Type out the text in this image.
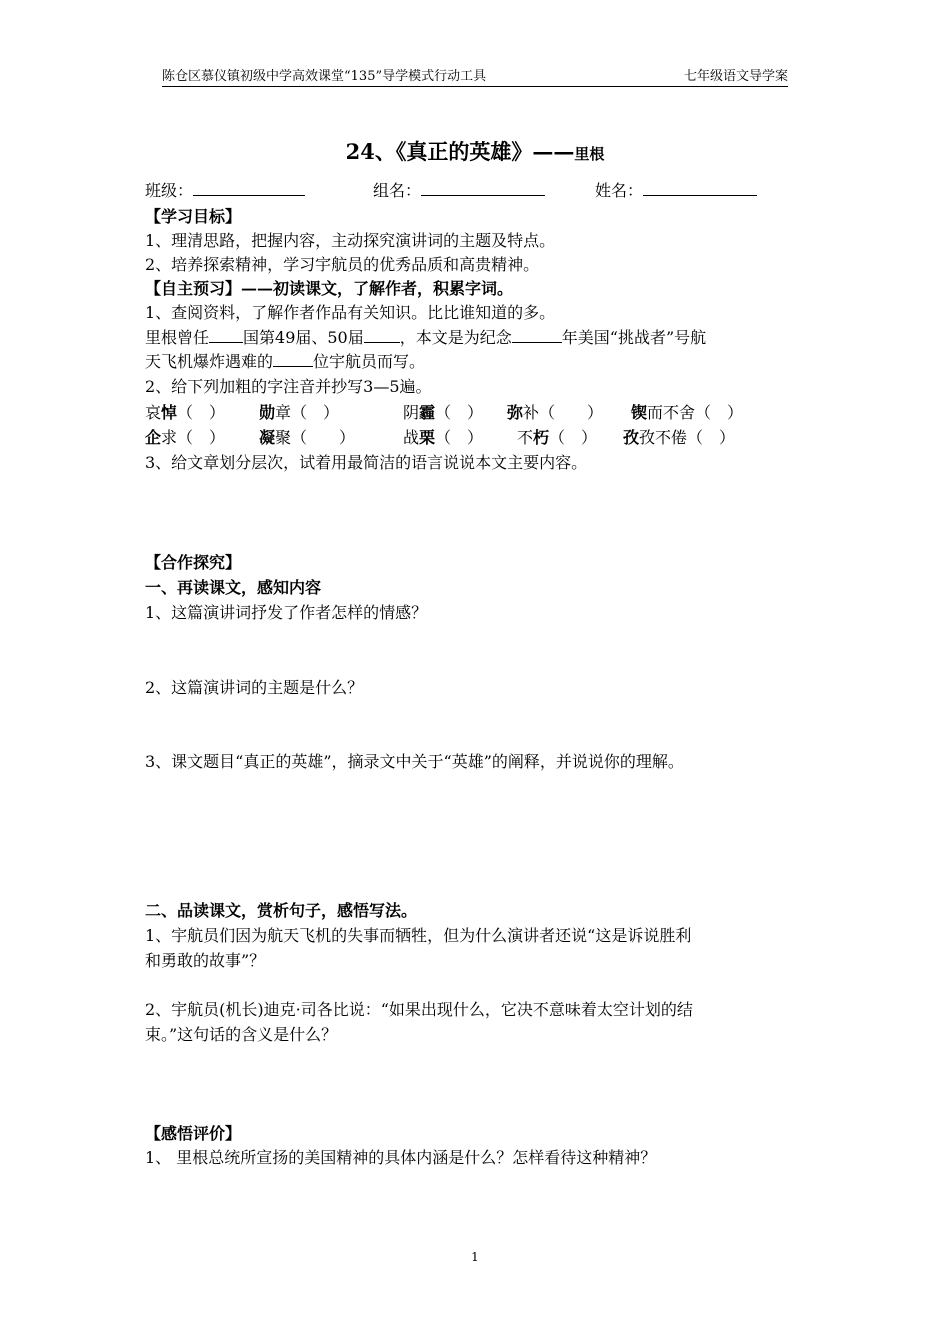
陈仓区慕仪镇初级中学高效课堂“135”导学模式行动工具	七年级语文导学案
24、《真正的英雄》——里根
班级：	组名：	姓名：
【学习目标】
1、理清思路，把握内容，主动探究演讲词的主题及特点。
2、培养探索精神，学习宇航员的优秀品质和高贵精神。
【自主预习】——初读课文，了解作者，积累字词。
1、查阅资料，了解作者作品有关知识。比比谁知道的多。
里根曾任 国第49届、50届 ，本文是为纪念	年美国“挑战者”号航
天飞机爆炸遇难的	位宇航员而写。
2、给下列加粗的字注音并抄写3—5遍。
哀悼（　） 勋章（　）	阴霾（　） 弥补（　　） 锲而不舍（　）
企求（　） 凝聚（　　）	战栗（　） 不朽（　） 孜孜不倦（　）
3、给文章划分层次，试着用最简洁的语言说说本文主要内容。
【合作探究】
一、再读课文，感知内容
1、这篇演讲词抒发了作者怎样的情感？
2、这篇演讲词的主题是什么？
3、课文题目“真正的英雄”，摘录文中关于“英雄”的阐释，并说说你的理解。
二、品读课文，赏析句子，感悟写法。
1、宇航员们因为航天飞机的失事而牺牲，但为什么演讲者还说“这是诉说胜利
和勇敢的故事”？
2、宇航员(机长)迪克·司各比说：“如果出现什么，它决不意味着太空计划的结
束。”这句话的含义是什么？
【感悟评价】
1、 里根总统所宣扬的美国精神的具体内涵是什么？怎样看待这种精神？
1
